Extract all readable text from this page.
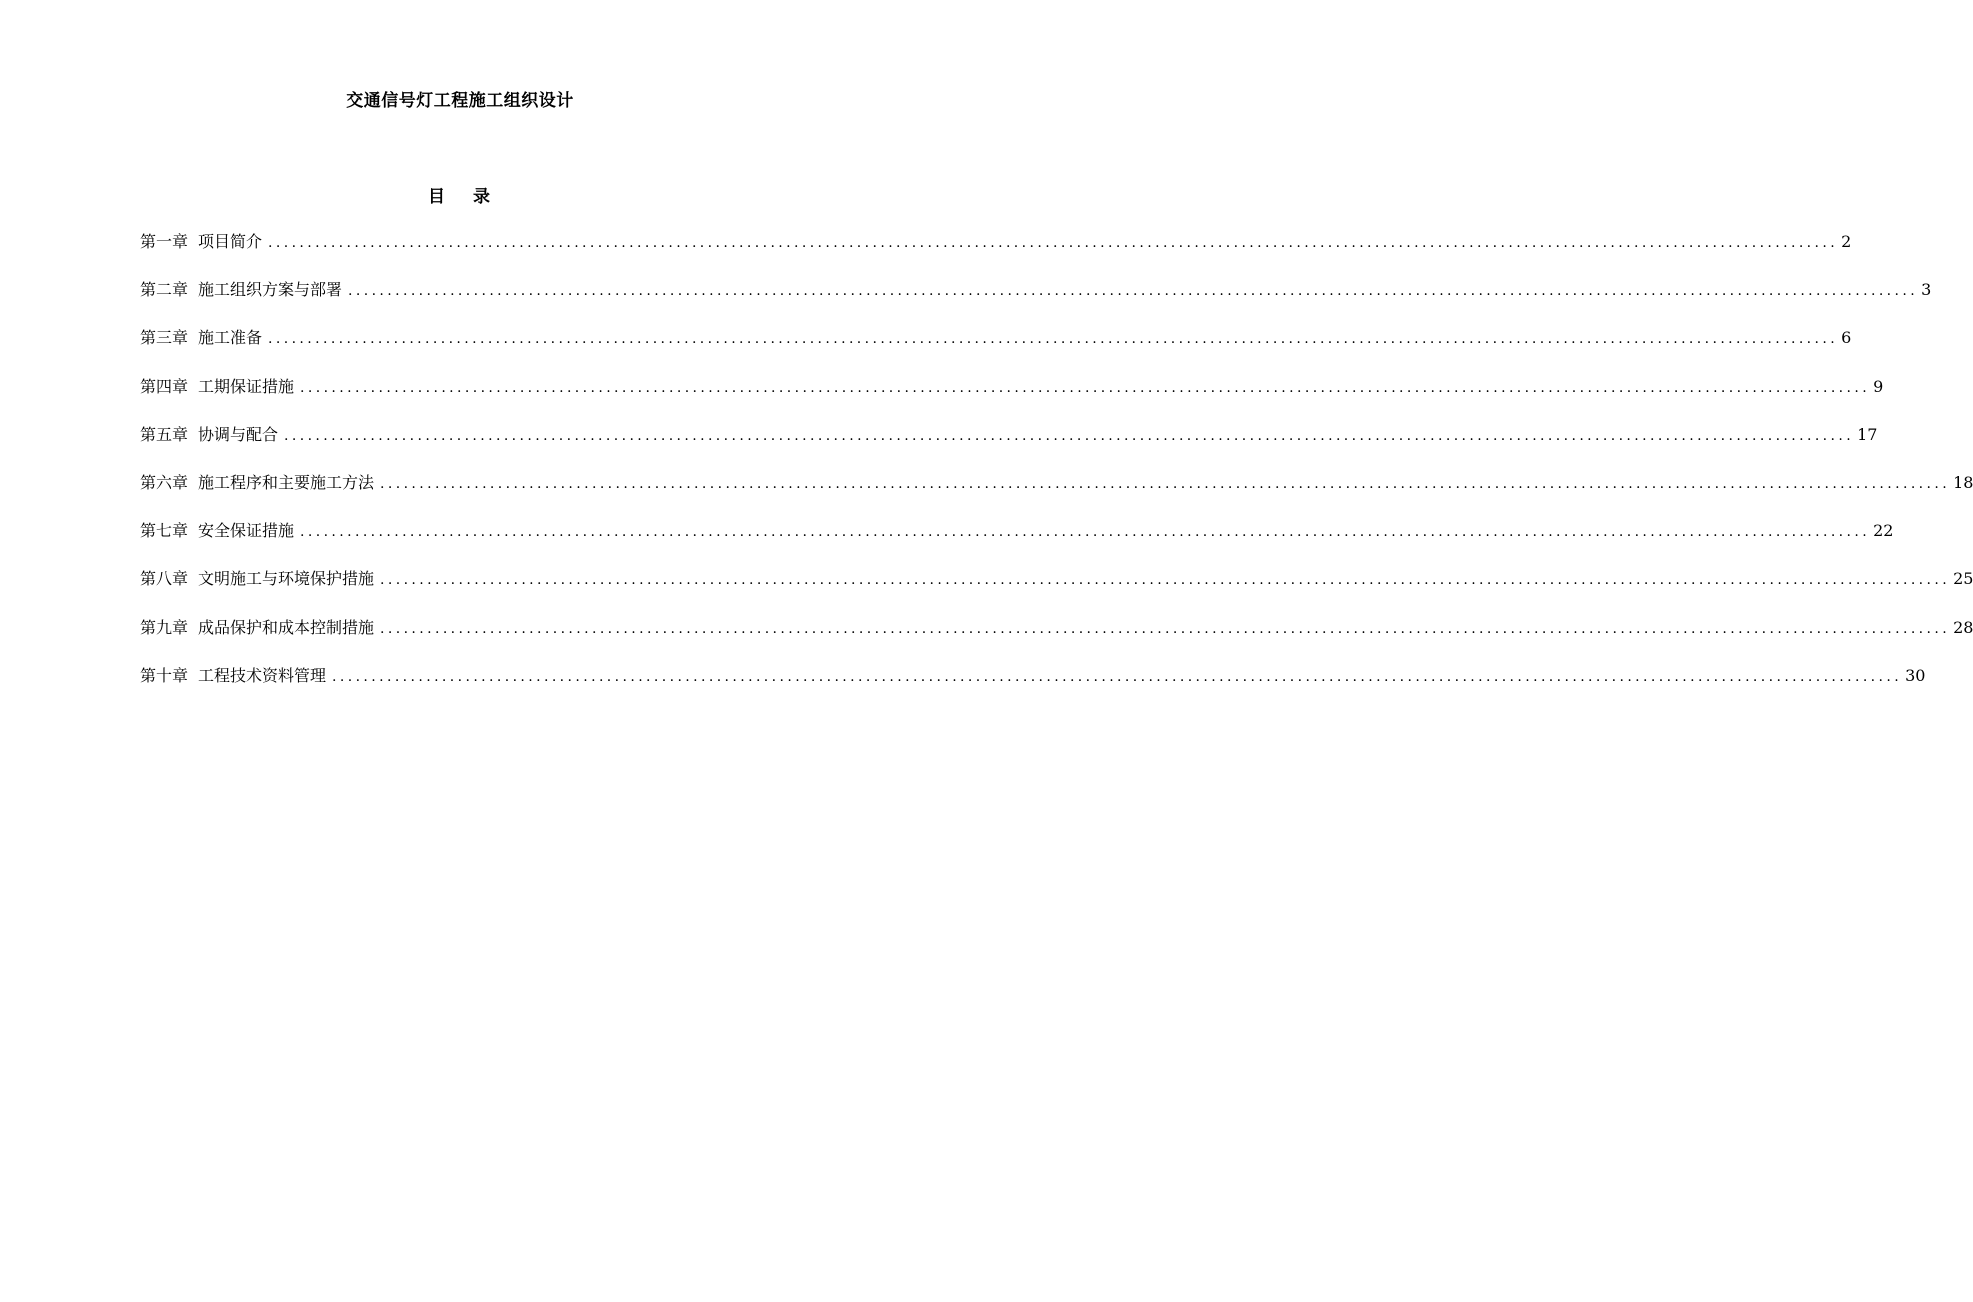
交通信号灯工程施工组织设计
目 录
第一章 项目简介 ........................................................................................................................................................................................................ 2
第二章 施工组织方案与部署 ........................................................................................................................................................................................................ 3
第三章 施工准备 ........................................................................................................................................................................................................ 6
第四章 工期保证措施 ........................................................................................................................................................................................................ 9
第五章 协调与配合 ........................................................................................................................................................................................................ 17
第六章 施工程序和主要施工方法 ........................................................................................................................................................................................................ 18
第七章 安全保证措施 ........................................................................................................................................................................................................ 22
第八章 文明施工与环境保护措施 ........................................................................................................................................................................................................ 25
第九章 成品保护和成本控制措施 ........................................................................................................................................................................................................ 28
第十章 工程技术资料管理 ........................................................................................................................................................................................................ 30
